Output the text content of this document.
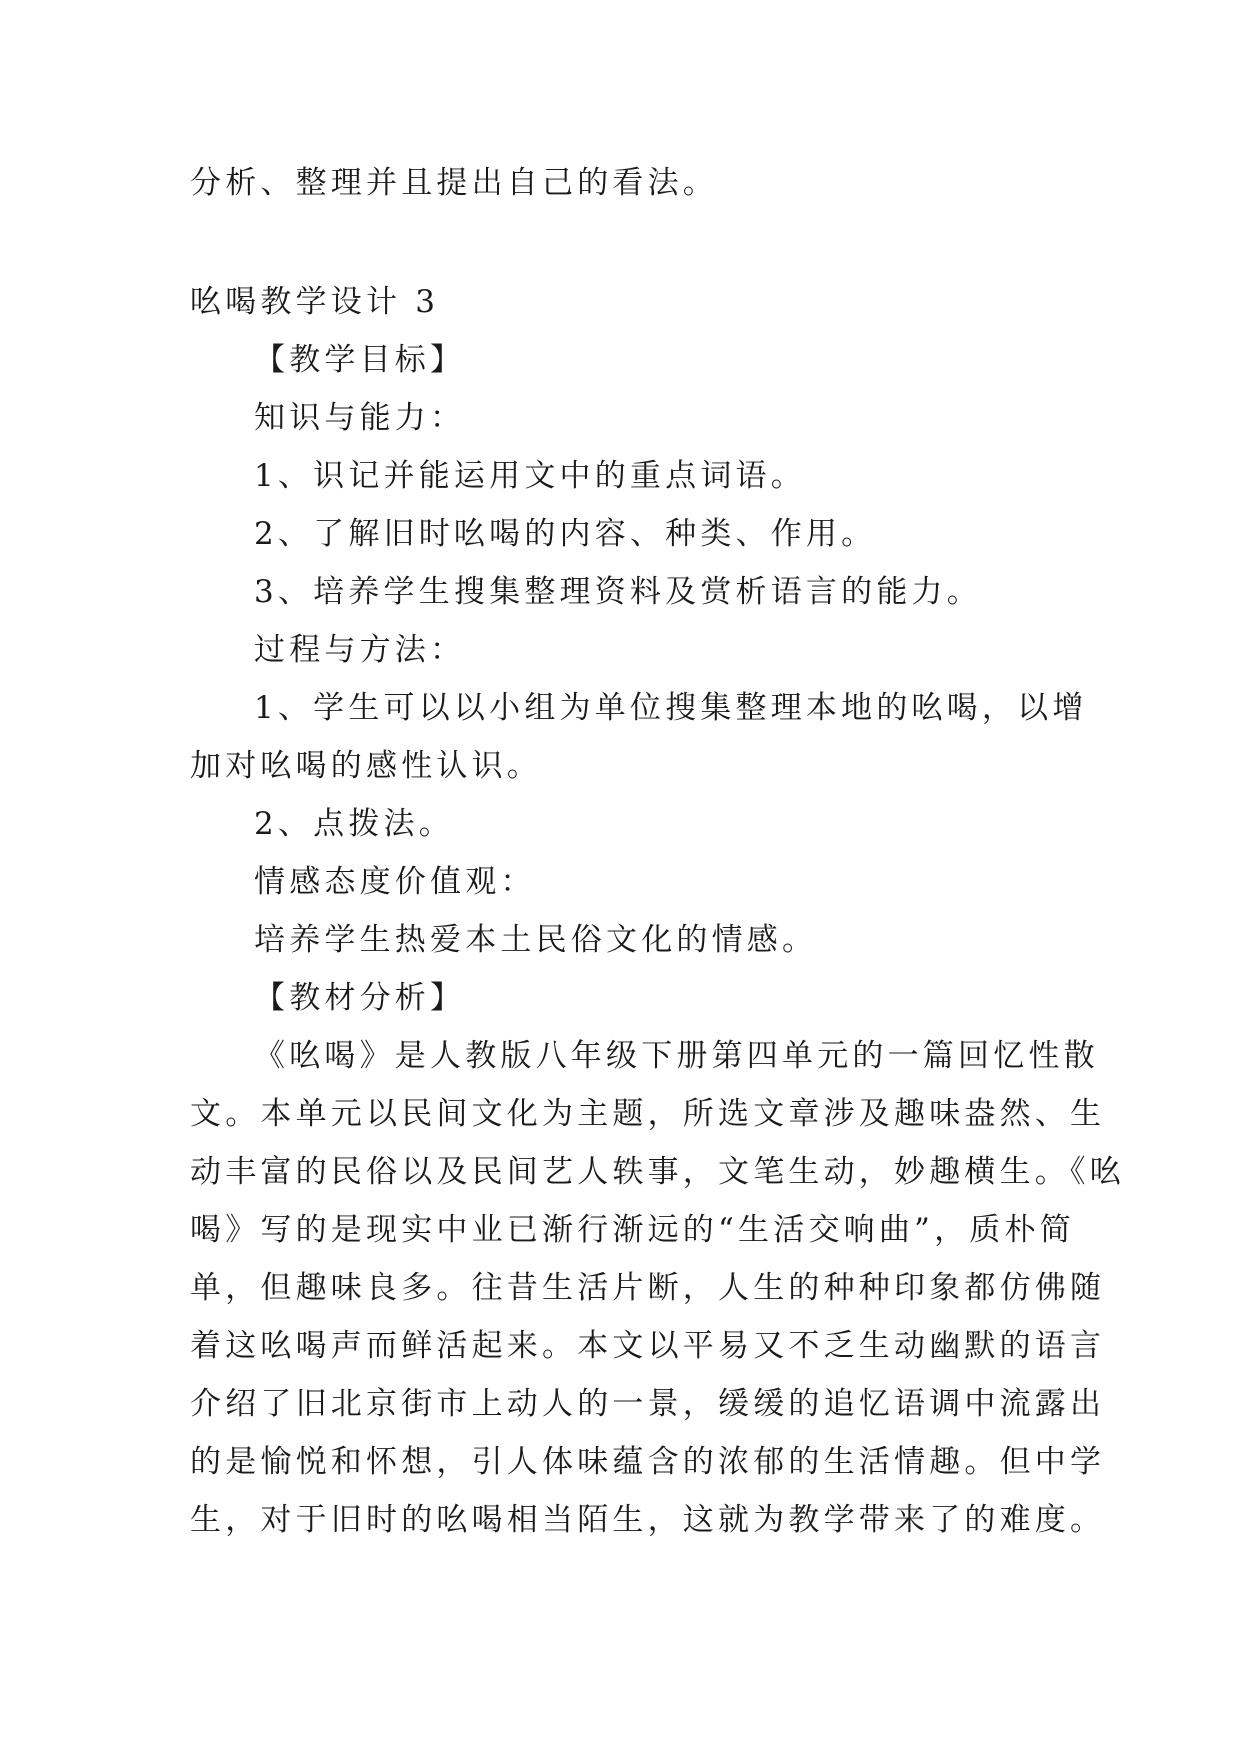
分析、整理并且提出自己的看法。
吆喝教学设计 3
【教学目标】
知识与能力：
1、识记并能运用文中的重点词语。
2、了解旧时吆喝的内容、种类、作用。
3、培养学生搜集整理资料及赏析语言的能力。
过程与方法：
1、学生可以以小组为单位搜集整理本地的吆喝，以增
加对吆喝的感性认识。
2、点拨法。
情感态度价值观：
培养学生热爱本土民俗文化的情感。
【教材分析】
《吆喝》是人教版八年级下册第四单元的一篇回忆性散
文。本单元以民间文化为主题，所选文章涉及趣味盎然、生
动丰富的民俗以及民间艺人轶事，文笔生动，妙趣横生。《吆
喝》写的是现实中业已渐行渐远的“生活交响曲”，质朴简
单，但趣味良多。往昔生活片断，人生的种种印象都仿佛随
着这吆喝声而鲜活起来。本文以平易又不乏生动幽默的语言
介绍了旧北京街市上动人的一景，缓缓的追忆语调中流露出
的是愉悦和怀想，引人体味蕴含的浓郁的生活情趣。但中学
生，对于旧时的吆喝相当陌生，这就为教学带来了的难度。
